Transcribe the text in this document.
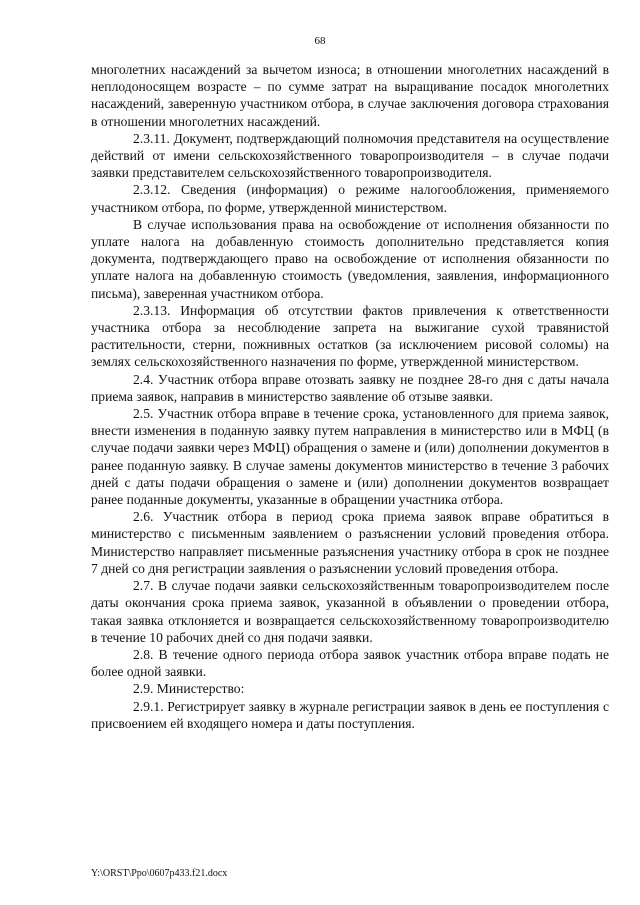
68

многолетних насаждений за вычетом износа; в отношении многолетних насаждений в неплодоносящем возрасте – по сумме затрат на выращивание посадок многолетних насаждений, заверенную участником отбора, в случае заключения договора страхования в отношении многолетних насаждений.

2.3.11. Документ, подтверждающий полномочия представителя на осуществление действий от имени сельскохозяйственного товаропроизводителя – в случае подачи заявки представителем сельскохозяйственного товаропроизводителя.

2.3.12. Сведения (информация) о режиме налогообложения, применяемого участником отбора, по форме, утвержденной министерством.

В случае использования права на освобождение от исполнения обязанности по уплате налога на добавленную стоимость дополнительно представляется копия документа, подтверждающего право на освобождение от исполнения обязанности по уплате налога на добавленную стоимость (уведомления, заявления, информационного письма), заверенная участником отбора.

2.3.13. Информация об отсутствии фактов привлечения к ответственности участника отбора за несоблюдение запрета на выжигание сухой травянистой растительности, стерни, пожнивных остатков (за исключением рисовой соломы) на землях сельскохозяйственного назначения по форме, утвержденной министерством.

2.4. Участник отбора вправе отозвать заявку не позднее 28-го дня с даты начала приема заявок, направив в министерство заявление об отзыве заявки.

2.5. Участник отбора вправе в течение срока, установленного для приема заявок, внести изменения в поданную заявку путем направления в министерство или в МФЦ (в случае подачи заявки через МФЦ) обращения о замене и (или) дополнении документов в ранее поданную заявку. В случае замены документов министерство в течение 3 рабочих дней с даты подачи обращения о замене и (или) дополнении документов возвращает ранее поданные документы, указанные в обращении участника отбора.

2.6. Участник отбора в период срока приема заявок вправе обратиться в министерство с письменным заявлением о разъяснении условий проведения отбора. Министерство направляет письменные разъяснения участнику отбора в срок не позднее 7 дней со дня регистрации заявления о разъяснении условий проведения отбора.

2.7. В случае подачи заявки сельскохозяйственным товаропроизводителем после даты окончания срока приема заявок, указанной в объявлении о проведении отбора, такая заявка отклоняется и возвращается сельскохозяйственному товаропроизводителю в течение 10 рабочих дней со дня подачи заявки.

2.8. В течение одного периода отбора заявок участник отбора вправе подать не более одной заявки.

2.9. Министерство:

2.9.1. Регистрирует заявку в журнале регистрации заявок в день ее поступления с присвоением ей входящего номера и даты поступления.

Y:\ORST\Ppo\0607p433.f21.docx
